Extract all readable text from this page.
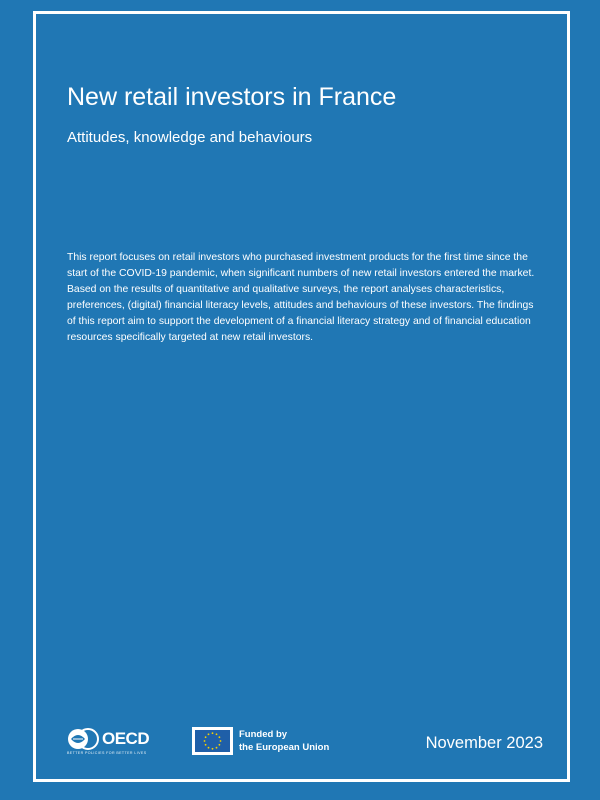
New retail investors in France
Attitudes, knowledge and behaviours

This report focuses on retail investors who purchased investment products for the first time since the start of the COVID-19 pandemic, when significant numbers of new retail investors entered the market. Based on the results of quantitative and qualitative surveys, the report analyses characteristics, preferences, (digital) financial literacy levels, attitudes and behaviours of these investors. The findings of this report aim to support the development of a financial literacy strategy and of financial education resources specifically targeted at new retail investors.

OECD
BETTER POLICIES FOR BETTER LIVES
Funded by
the European Union	November 2023
